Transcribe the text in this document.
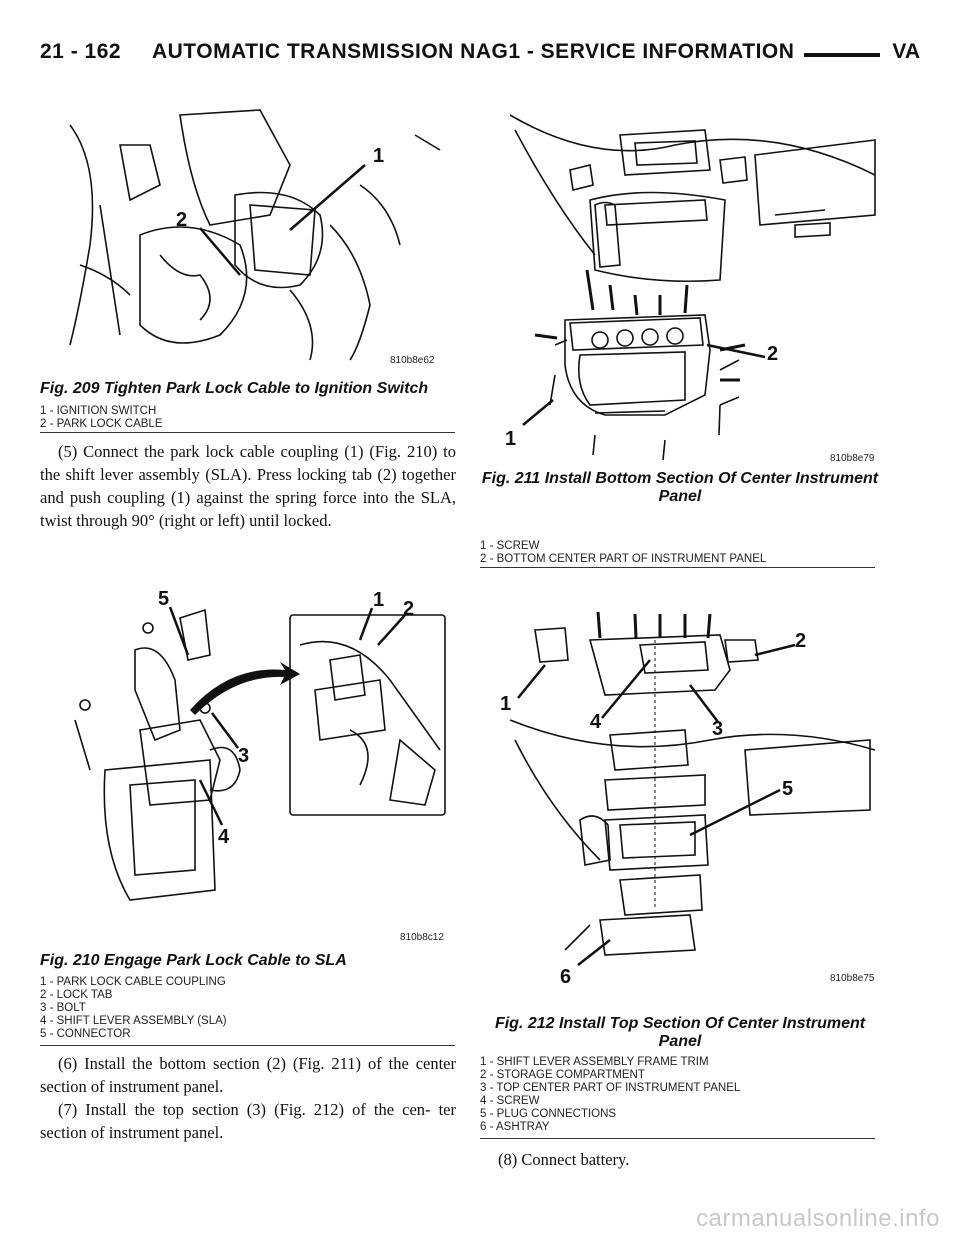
21 - 162     AUTOMATIC TRANSMISSION NAG1 - SERVICE INFORMATION	VA
1
2
810b8e62
Fig. 209 Tighten Park Lock Cable to Ignition Switch
1 - IGNITION SWITCH
2 - PARK LOCK CABLE

(5) Connect the park lock cable coupling (1) (Fig. 210) to the shift lever assembly (SLA). Press locking tab (2) together and push coupling (1) against the spring force into the SLA, twist through 90° (right or left) until locked.

5	1 2
3
4
810b8c12
Fig. 210 Engage Park Lock Cable to SLA
1 - PARK LOCK CABLE COUPLING
2 - LOCK TAB
3 - BOLT
4 - SHIFT LEVER ASSEMBLY (SLA)
5 - CONNECTOR

(6) Install the bottom section (2) (Fig. 211) of the center section of instrument panel.

(7) Install the top section (3) (Fig. 212) of the cen- ter section of instrument panel.

2
1
810b8e79
Fig. 211 Install Bottom Section Of Center Instrument
Panel
1 - SCREW
2 - BOTTOM CENTER PART OF INSTRUMENT PANEL
2
1
4	3
5
6	810b8e75
Fig. 212 Install Top Section Of Center Instrument
Panel
1 - SHIFT LEVER ASSEMBLY FRAME TRIM
2 - STORAGE COMPARTMENT
3 - TOP CENTER PART OF INSTRUMENT PANEL
4 - SCREW
5 - PLUG CONNECTIONS
6 - ASHTRAY

(8) Connect battery.

carmanualsonline.info
